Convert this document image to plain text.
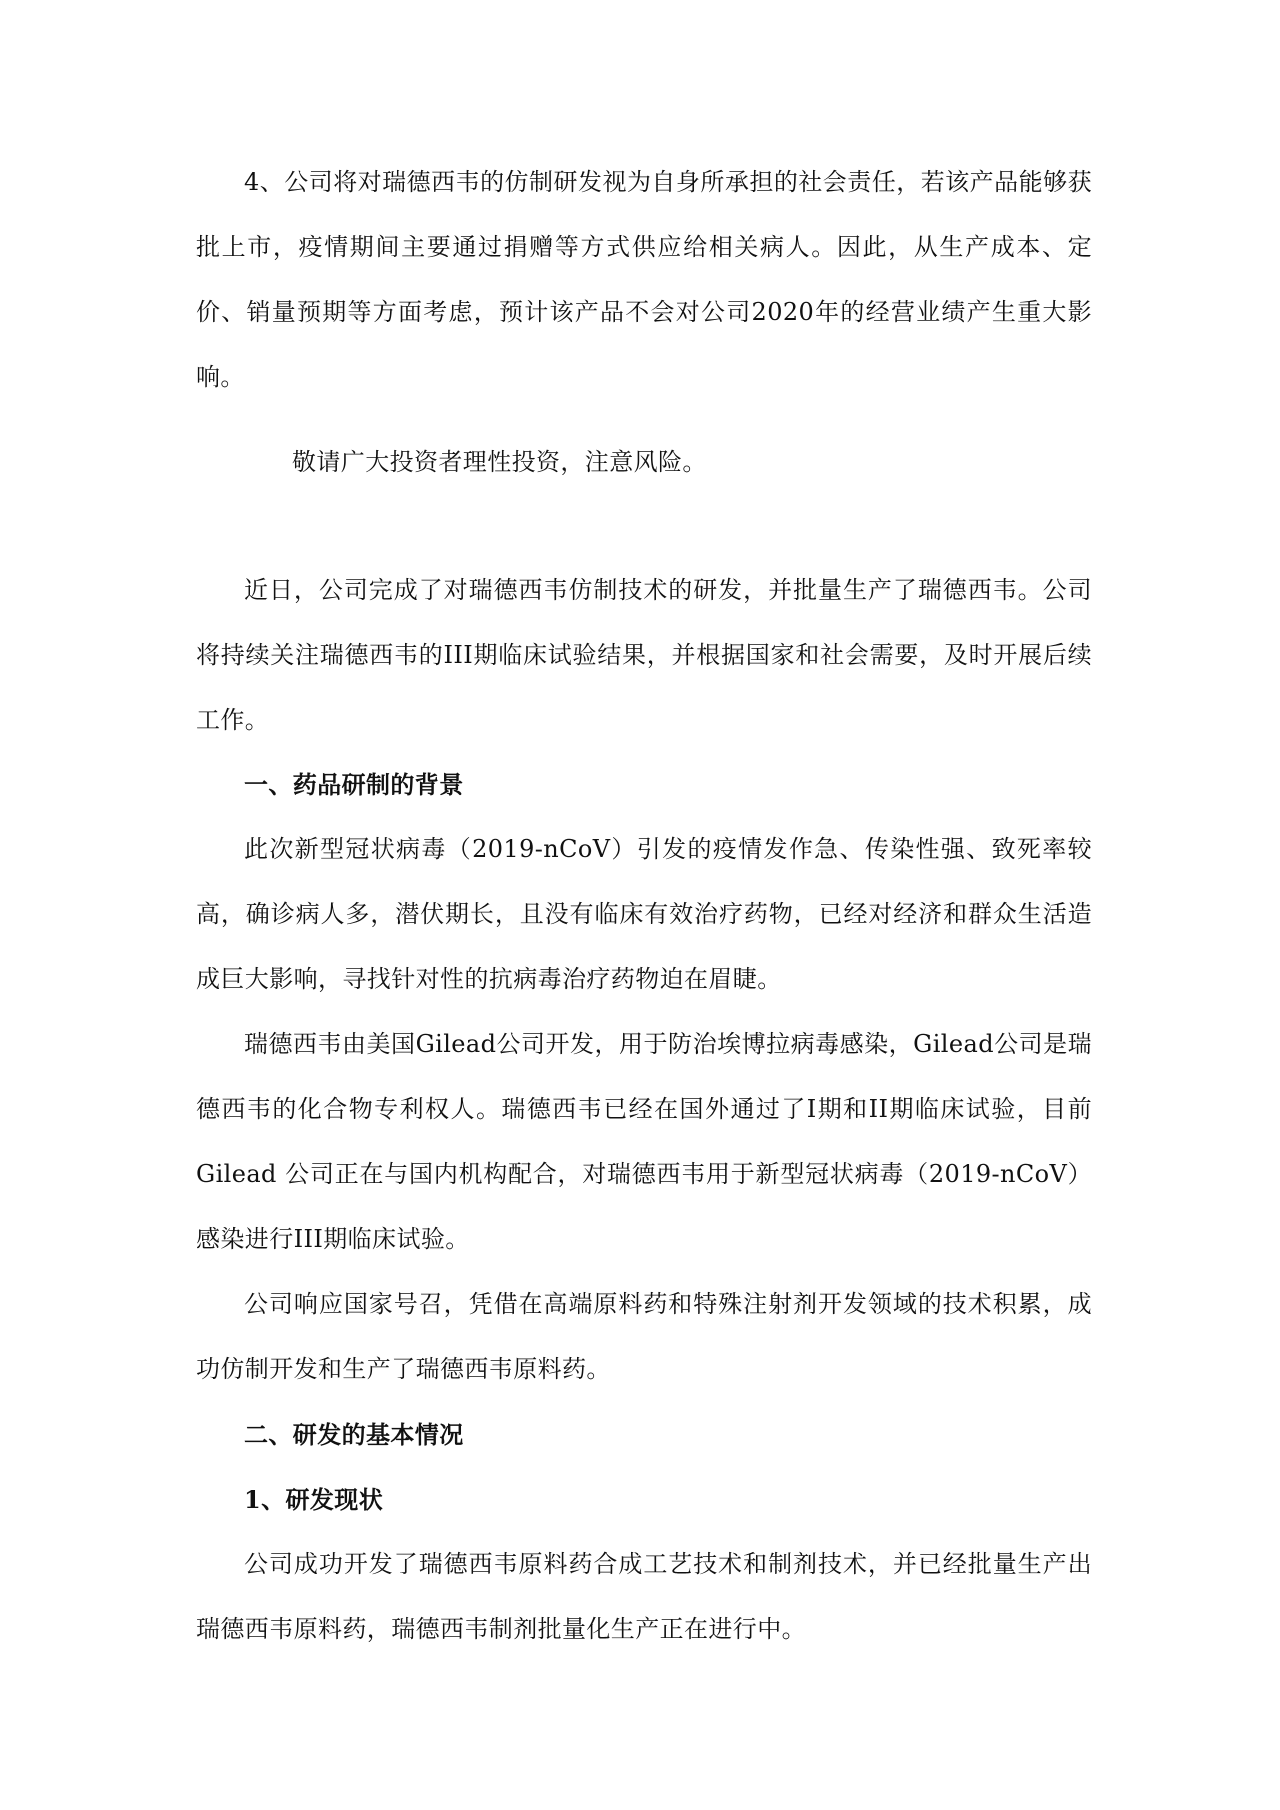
4、公司将对瑞德西韦的仿制研发视为自身所承担的社会责任，若该产品能够获批上市，疫情期间主要通过捐赠等方式供应给相关病人。因此，从生产成本、定价、销量预期等方面考虑，预计该产品不会对公司2020年的经营业绩产生重大影响。

敬请广大投资者理性投资，注意风险。

近日，公司完成了对瑞德西韦仿制技术的研发，并批量生产了瑞德西韦。公司将持续关注瑞德西韦的III期临床试验结果，并根据国家和社会需要，及时开展后续工作。

一、药品研制的背景

此次新型冠状病毒（2019-nCoV）引发的疫情发作急、传染性强、致死率较高，确诊病人多，潜伏期长，且没有临床有效治疗药物，已经对经济和群众生活造成巨大影响，寻找针对性的抗病毒治疗药物迫在眉睫。

瑞德西韦由美国Gilead公司开发，用于防治埃博拉病毒感染，Gilead公司是瑞德西韦的化合物专利权人。瑞德西韦已经在国外通过了I期和II期临床试验，目前 Gilead 公司正在与国内机构配合，对瑞德西韦用于新型冠状病毒（2019-nCoV）感染进行III期临床试验。

公司响应国家号召，凭借在高端原料药和特殊注射剂开发领域的技术积累，成功仿制开发和生产了瑞德西韦原料药。

二、研发的基本情况

1、研发现状

公司成功开发了瑞德西韦原料药合成工艺技术和制剂技术，并已经批量生产出瑞德西韦原料药，瑞德西韦制剂批量化生产正在进行中。
